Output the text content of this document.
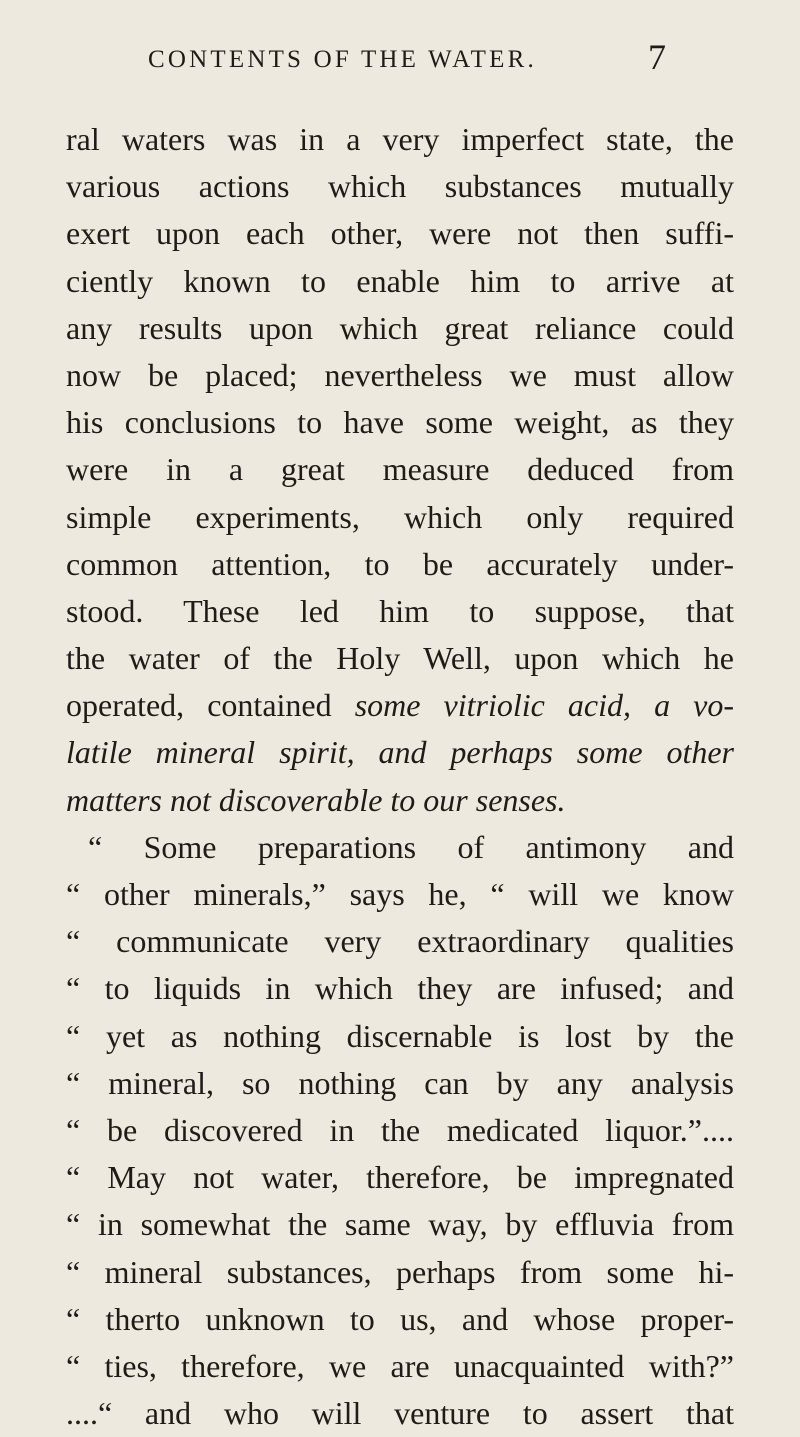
CONTENTS OF THE WATER.	7
ral waters was in a very imperfect state, the
various actions which substances mutually
exert upon each other, were not then suffi-
ciently known to enable him to arrive at
any results upon which great reliance could
now be placed; nevertheless we must allow
his conclusions to have some weight, as they
were in a great measure deduced from
simple experiments, which only required
common attention, to be accurately under-
stood. These led him to suppose, that
the water of the Holy Well, upon which he
operated, contained some vitriolic acid, a vo-
latile mineral spirit, and perhaps some other
matters not discoverable to our senses.
“ Some preparations of antimony and
“ other minerals,” says he, “ will we know
“ communicate very extraordinary qualities
“ to liquids in which they are infused; and
“ yet as nothing discernable is lost by the
“ mineral, so nothing can by any analysis
“ be discovered in the medicated liquor.”....
“ May not water, therefore, be impregnated
“ in somewhat the same way, by effluvia from
“ mineral substances, perhaps from some hi-
“ therto unknown to us, and whose proper-
“ ties, therefore, we are unacquainted with?”
....“ and who will venture to assert that
